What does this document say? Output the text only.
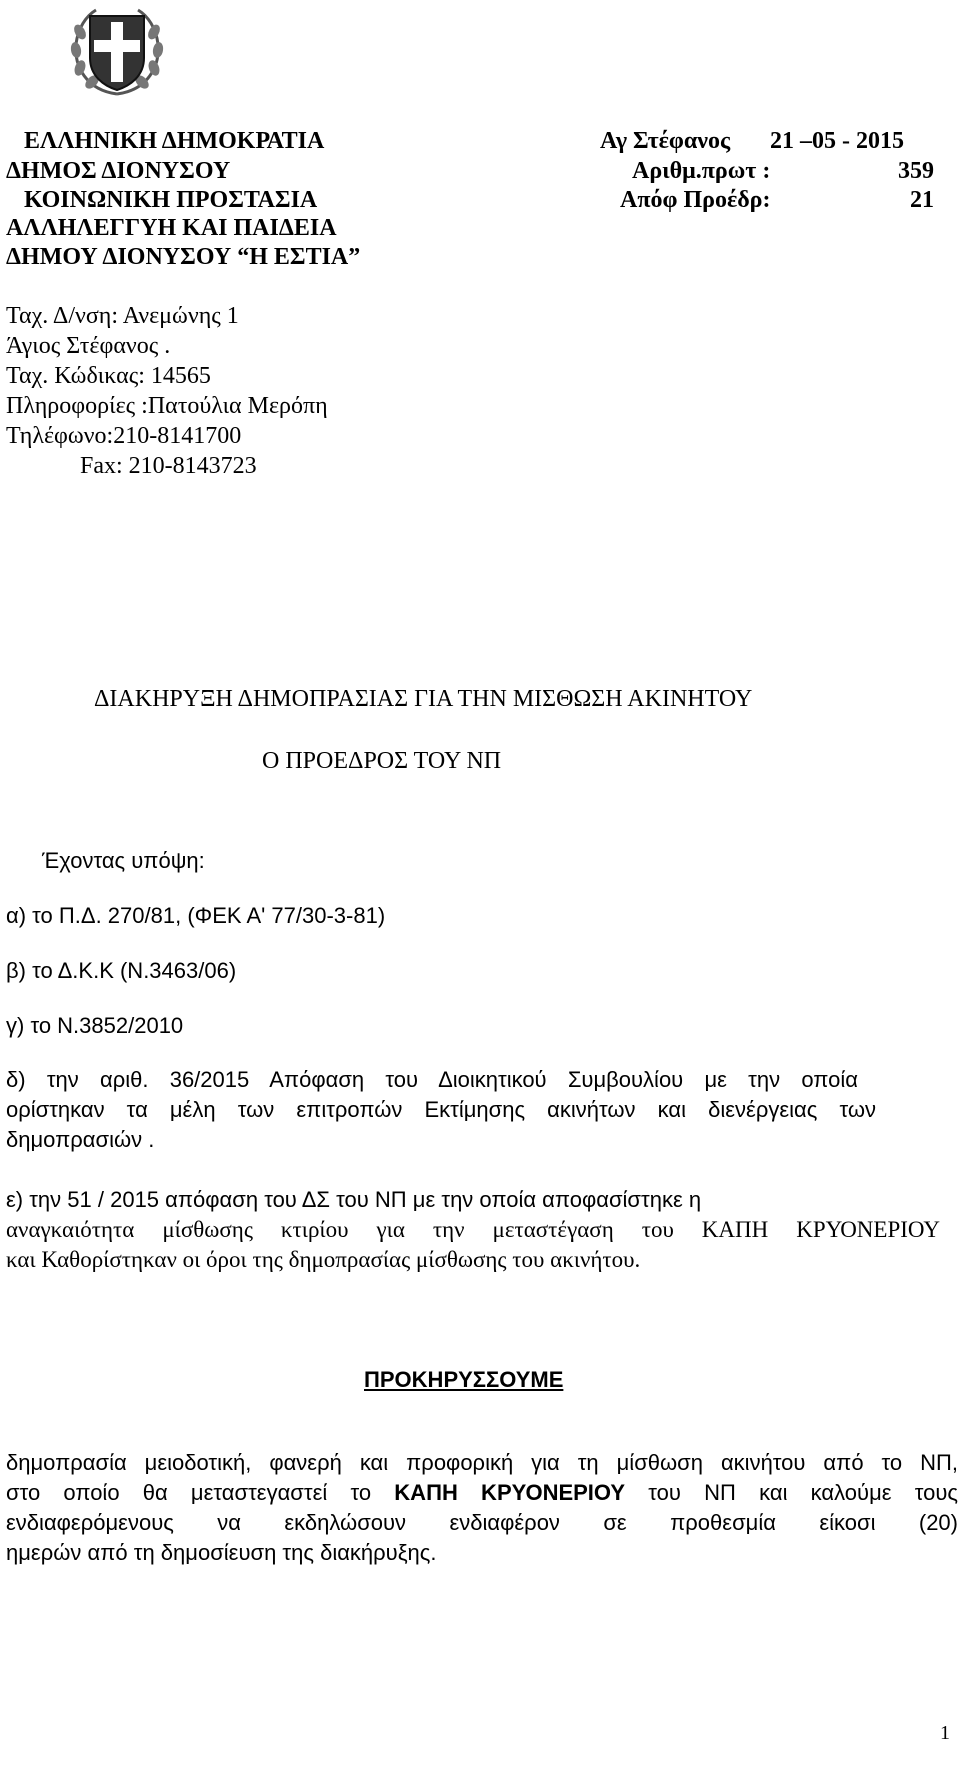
ΕΛΛΗΝΙΚΗ ΔΗΜΟΚΡΑΤΙΑ
ΔΗΜΟΣ ΔΙΟΝΥΣΟΥ
ΚΟΙΝΩΝΙΚΗ ΠΡΟΣΤΑΣΙΑ
ΑΛΛΗΛΕΓΓΥΗ ΚΑΙ ΠΑΙΔΕΙΑ
ΔΗΜΟΥ ΔΙΟΝΥΣΟΥ “Η ΕΣΤΙΑ”
Αγ Στέφανος 21 –05 - 2015
Αριθμ.πρωτ :	359
Απόφ Προέδρ:	21
Ταχ. Δ/νση: Ανεμώνης 1
Άγιος Στέφανος .
Ταχ. Κώδικας: 14565
Πληροφορίες :Πατούλια Μερόπη
Τηλέφωνο:210-8141700
Fax: 210-8143723
ΔΙΑΚΗΡΥΞΗ ΔΗΜΟΠΡΑΣΙΑΣ ΓΙΑ ΤΗΝ ΜΙΣΘΩΣΗ ΑΚΙΝΗΤΟΥ
Ο ΠΡΟΕΔΡΟΣ ΤΟΥ ΝΠ
Έχοντας υπόψη:
α) το Π.Δ. 270/81, (ΦΕΚ Α' 77/30-3-81)
β) το Δ.Κ.Κ (Ν.3463/06)
γ) το Ν.3852/2010
δ) την αριθ. 36/2015 Απόφαση του Διοικητικού Συμβουλίου με την οποία
ορίστηκαν τα μέλη των επιτροπών Εκτίμησης ακινήτων και διενέργειας των
δημοπρασιών .
ε) την 51 / 2015 απόφαση του ΔΣ του ΝΠ με την οποία αποφασίστηκε η
αναγκαιότητα μίσθωσης κτιρίου για την μεταστέγαση του ΚΑΠΗ ΚΡΥΟΝΕΡΙΟΥ
και Καθορίστηκαν οι όροι της δημοπρασίας μίσθωσης του ακινήτου.
ΠΡΟΚΗΡΥΣΣΟΥΜΕ
δημοπρασία μειοδοτική, φανερή και προφορική για τη μίσθωση ακινήτου από το ΝΠ,
στο οποίο θα μεταστεγαστεί το ΚΑΠΗ ΚΡΥΟΝΕΡΙΟΥ του ΝΠ και καλούμε τους
ενδιαφερόμενους να εκδηλώσουν ενδιαφέρον σε προθεσμία είκοσι (20)
ημερών από τη δημοσίευση της διακήρυξης.
1
